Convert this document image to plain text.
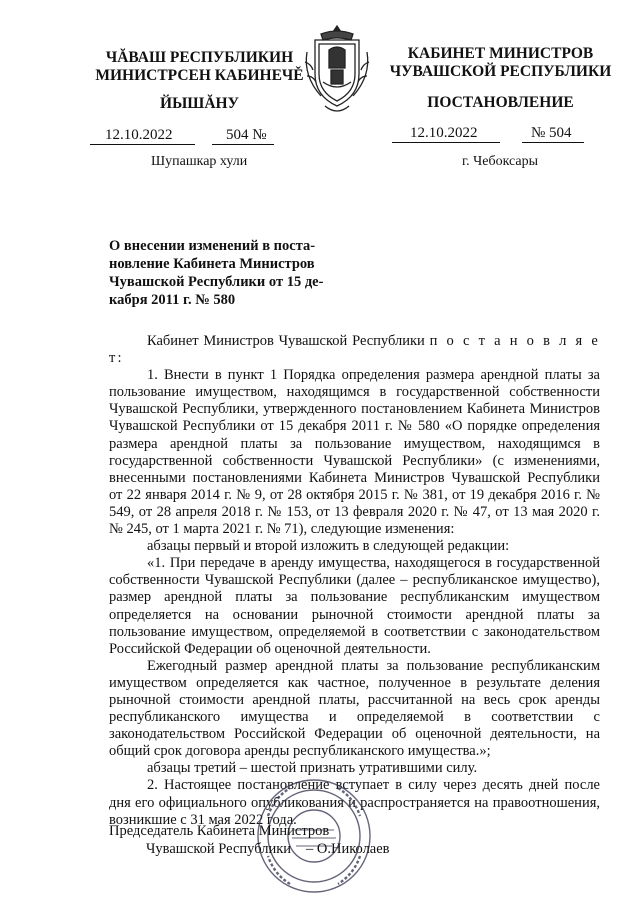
ЧĂВАШ РЕСПУБЛИКИН
МИНИСТРСЕН КАБИНЕЧĚ
ЙЫШĂНУ
КАБИНЕТ МИНИСТРОВ
ЧУВАШСКОЙ РЕСПУБЛИКИ
ПОСТАНОВЛЕНИЕ
12.10.2022	504 №	12.10.2022	№ 504
Шупашкар хули	г. Чебоксары
О внесении изменений в поста-
новление Кабинета Министров
Чувашской Республики от 15 де-
кабря 2011 г. № 580

Кабинет Министров Чувашской Республики п о с т а н о в л я е т:

1. Внести в пункт 1 Порядка определения размера арендной платы за пользование имуществом, находящимся в государственной собственности Чувашской Республики, утвержденного постановлением Кабинета Министров Чувашской Республики от 15 декабря 2011 г. № 580 «О порядке определения размера арендной платы за пользование имуществом, находящимся в государственной собственности Чувашской Республики» (с изменениями, внесенными постановлениями Кабинета Министров Чувашской Республики от 22 января 2014 г. № 9, от 28 октября 2015 г. № 381, от 19 декабря 2016 г. № 549, от 28 апреля 2018 г. № 153, от 13 февраля 2020 г. № 47, от 13 мая 2020 г. № 245, от 1 марта 2021 г. № 71), следующие изменения:

абзацы первый и второй изложить в следующей редакции:

«1. При передаче в аренду имущества, находящегося в государственной собственности Чувашской Республики (далее – республиканское имущество), размер арендной платы за пользование республиканским имуществом определяется на основании рыночной стоимости арендной платы за пользование имуществом, определяемой в соответствии с законодательством Российской Федерации об оценочной деятельности.

Ежегодный размер арендной платы за пользование республиканским имуществом определяется как частное, полученное в результате деления рыночной стоимости арендной платы, рассчитанной на весь срок аренды республиканского имущества и определяемой в соответствии с законодательством Российской Федерации об оценочной деятельности, на общий срок договора аренды республиканского имущества.»;

абзацы третий – шестой признать утратившими силу.

2. Настоящее постановление вступает в силу через десять дней после дня его официального опубликования и распространяется на правоотношения, возникшие с 31 мая 2022 года.

Председатель Кабинета Министров
Чувашской Республики – О.Николаев
